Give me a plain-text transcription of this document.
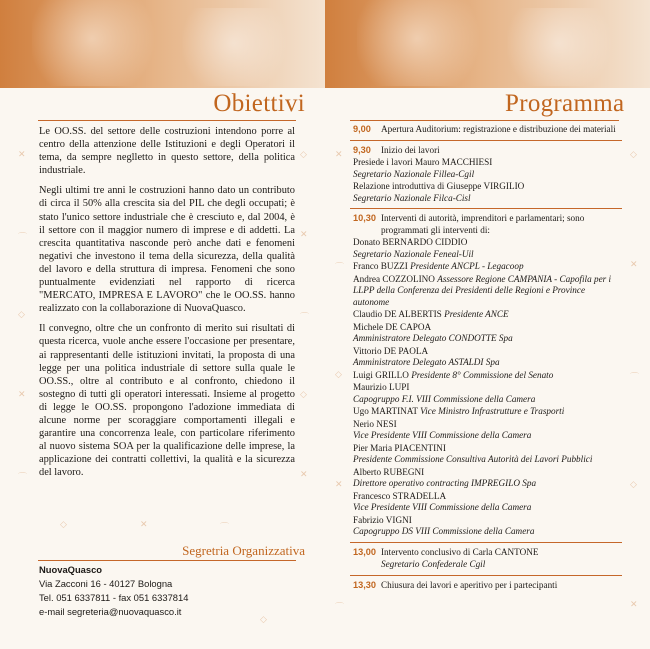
✕
⌒
◇
✕
⌒
◇
✕
⌒
◇
✕
◇	✕	⌒
◇
Obiettivi

Le OO.SS. del settore delle costruzioni intendono porre al centro della attenzione delle Istituzioni e degli Operatori il tema, da sempre neglletto in questo settore, della politica industriale.

Negli ultimi tre anni le costruzioni hanno dato un contributo di circa il 50% alla crescita sia del PIL che degli occupati; è stato l'unico settore industriale che è cresciuto e, dal 2004, è il settore con il maggior numero di imprese e di addetti. La crescita quantitativa nasconde però anche dati e fenomeni negativi che investono il tema della sicurezza, della qualità del lavoro e della struttura di impresa. Fenomeni che sono puntualmente evidenziati nel rapporto di ricerca "MERCATO, IMPRESA E LAVORO" che le OO.SS. hanno realizzato con la collaborazione di NuovaQuasco.

Il convegno, oltre che un confronto di merito sui risultati di questa ricerca, vuole anche essere l'occasione per presentare, ai rappresentanti delle istituzioni invitati, la proposta di una legge per una politica industriale di settore sulla quale le OO.SS., oltre al contributo e al confronto, chiedono il sostegno di tutti gli operatori interessati. Insieme al progetto di legge le OO.SS. propongono l'adozione immediata di alcune norme per scoraggiare comportamenti illegali e garantire una concorrenza leale, con particolare riferimento al nuovo sistema SOA per la qualificazione delle imprese, la applicazione dei contratti collettivi, la qualità e la sicurezza del lavoro.

Segretria Organizzativa
NuovaQuasco
Via Zacconi 16 - 40127 Bologna
Tel. 051 6337811 - fax 051 6337814
e-mail segreteria@nuovaquasco.it
✕
⌒
◇
✕
◇
✕
⌒
◇
✕
⌒
Programma
9,00	Apertura Auditorium: registrazione e distribuzione dei materiali
9,30	Inizio dei lavori
Presiede i lavori Mauro MACCHIESI
Segretario Nazionale Fillea-Cgil
Relazione introduttiva di Giuseppe VIRGILIO
Segretario Nazionale Filca-Cisl
10,30 Interventi di autorità, imprenditori e parlamentari; sono programmati gli interventi di:
Donato BERNARDO CIDDIO
Segretario Nazionale Feneal-Uil
Franco BUZZI Presidente ANCPL - Legacoop
Andrea COZZOLINO Assessore Regione CAMPANIA - Capofila per i LLPP della Conferenza dei Presidenti delle Regioni e Province autonome
Claudio DE ALBERTIS Presidente ANCE
Michele DE CAPOA
Amministratore Delegato CONDOTTE Spa
Vittorio DE PAOLA
Amministratore Delegato ASTALDI Spa
Luigi GRILLO Presidente 8° Commissione del Senato
Maurizio LUPI
Capogruppo F.I. VIII Commissione della Camera
Ugo MARTINAT Vice Ministro Infrastrutture e Trasporti
Nerio NESI
Vice Presidente VIII Commissione della Camera
Pier Maria PIACENTINI
Presidente Commissione Consultiva Autorità dei Lavori Pubblici
Alberto RUBEGNI
Direttore operativo contracting IMPREGILO Spa
Francesco STRADELLA
Vice Presidente VIII Commissione della Camera
Fabrizio VIGNI
Capogruppo DS VIII Commissione della Camera
13,00 Intervento conclusivo di Carla CANTONE
Segretario Confederale Cgil
13,30 Chiusura dei lavori e aperitivo per i partecipanti
